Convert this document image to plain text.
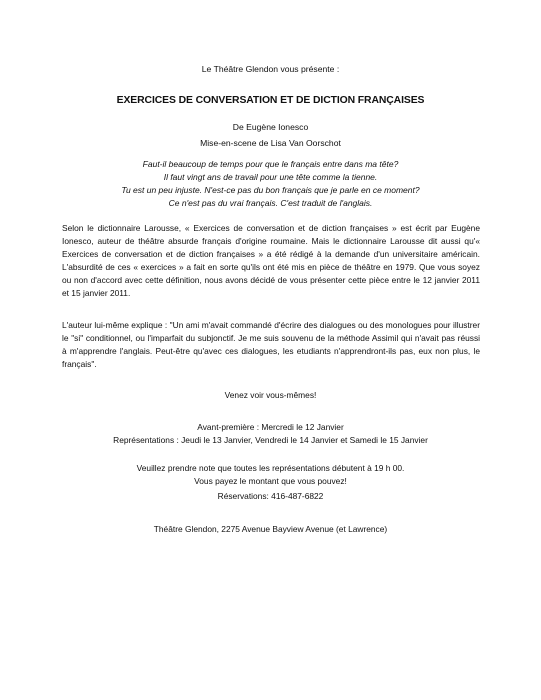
Le Théâtre Glendon vous présente :
EXERCICES DE CONVERSATION ET DE DICTION FRANÇAISES
De Eugène Ionesco
Mise-en-scene de Lisa Van Oorschot
Faut-il beaucoup de temps pour que le français entre dans ma tête?
Il faut vingt ans de travail pour une tête comme la tienne.
Tu est un peu injuste. N'est-ce pas du bon français que je parle en ce moment?
Ce n'est pas du vrai français. C'est traduit de l'anglais.
Selon le dictionnaire Larousse, « Exercices de conversation et de diction françaises » est écrit par Eugène Ionesco, auteur de théâtre absurde français d'origine roumaine. Mais le dictionnaire Larousse dit aussi qu'« Exercices de conversation et de diction françaises » a été rédigé à la demande d'un universitaire américain. L'absurdité de ces « exercices » a fait en sorte qu'ils ont été mis en pièce de théâtre en 1979. Que vous soyez ou non d'accord avec cette définition, nous avons décidé de vous présenter cette pièce entre le 12 janvier 2011 et 15 janvier 2011.
L'auteur lui-même explique : "Un ami m'avait commandé d'écrire des dialogues ou des monologues pour illustrer le "si" conditionnel, ou l'imparfait du subjonctif. Je me suis souvenu de la méthode Assimil qui n'avait pas réussi à m'apprendre l'anglais. Peut-être qu'avec ces dialogues, les etudiants n'apprendront-ils pas, eux non plus, le français".
Venez voir vous-mêmes!
Avant-première : Mercredi le 12 Janvier
Représentations : Jeudi le 13 Janvier, Vendredi le 14 Janvier et Samedi le 15 Janvier
Veuillez prendre note que toutes les représentations débutent à 19 h 00.
Vous payez le montant que vous pouvez!
Réservations: 416-487-6822
Théâtre Glendon, 2275 Avenue Bayview Avenue (et Lawrence)
